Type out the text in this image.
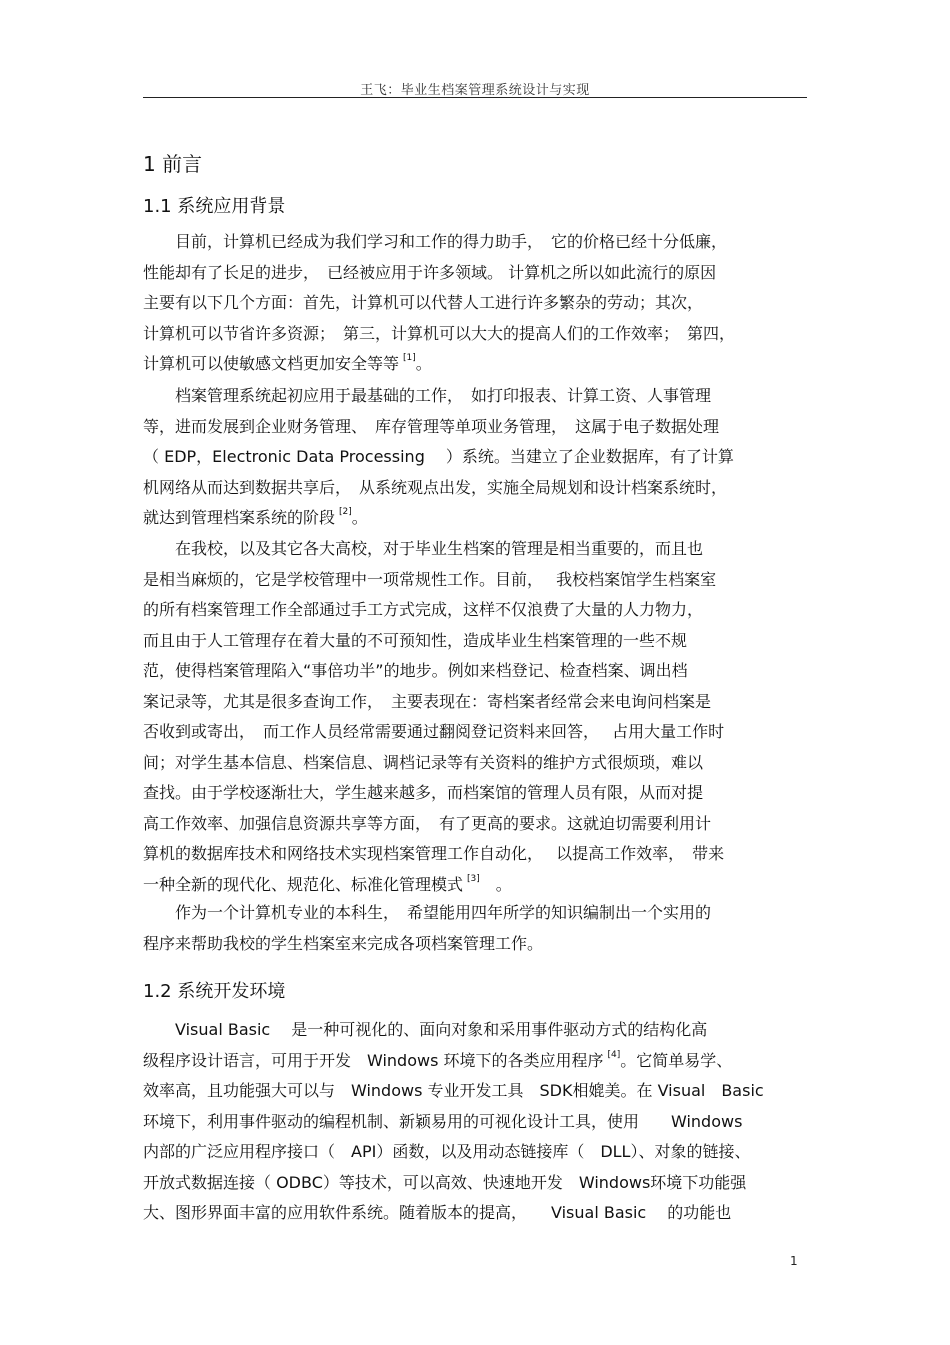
王飞：毕业生档案管理系统设计与实现
1 前言
1.1 系统应用背景
　　目前，计算机已经成为我们学习和工作的得力助手，　它的价格已经十分低廉，
性能却有了长足的进步，　已经被应用于许多领域。 计算机之所以如此流行的原因
主要有以下几个方面：首先，计算机可以代替人工进行许多繁杂的劳动；其次，
计算机可以节省许多资源；　第三，计算机可以大大的提高人们的工作效率；　第四，
计算机可以使敏感文档更加安全等等 [1]。
　　档案管理系统起初应用于最基础的工作，　如打印报表、计算工资、人事管理
等，进而发展到企业财务管理、　库存管理等单项业务管理，　这属于电子数据处理
（ EDP，Electronic Data Processing　 ）系统。当建立了企业数据库，有了计算
机网络从而达到数据共享后，　从系统观点出发，实施全局规划和设计档案系统时，
就达到管理档案系统的阶段 [2]。
　　在我校，以及其它各大高校，对于毕业生档案的管理是相当重要的，而且也
是相当麻烦的，它是学校管理中一项常规性工作。目前，　 我校档案馆学生档案室
的所有档案管理工作全部通过手工方式完成，这样不仅浪费了大量的人力物力，
而且由于人工管理存在着大量的不可预知性，造成毕业生档案管理的一些不规
范，使得档案管理陷入“事倍功半”的地步。例如来档登记、检查档案、调出档
案记录等，尤其是很多查询工作，　主要表现在：寄档案者经常会来电询问档案是
否收到或寄出，　而工作人员经常需要通过翻阅登记资料来回答，　 占用大量工作时
间；对学生基本信息、档案信息、调档记录等有关资料的维护方式很烦琐，难以
查找。由于学校逐渐壮大，学生越来越多，而档案馆的管理人员有限，从而对提
高工作效率、加强信息资源共享等方面，　有了更高的要求。这就迫切需要利用计
算机的数据库技术和网络技术实现档案管理工作自动化，　 以提高工作效率，　带来
一种全新的现代化、规范化、标准化管理模式 [3]　。
　　作为一个计算机专业的本科生，　希望能用四年所学的知识编制出一个实用的
程序来帮助我校的学生档案室来完成各项档案管理工作。
1.2 系统开发环境
　　Visual Basic　 是一种可视化的、面向对象和采用事件驱动方式的结构化高
级程序设计语言，可用于开发　Windows 环境下的各类应用程序 [4]。它简单易学、
效率高，且功能强大可以与　Windows 专业开发工具　SDK相媲美。在 Visual　Basic
环境下，利用事件驱动的编程机制、新颖易用的可视化设计工具，使用　　Windows
内部的广泛应用程序接口（　API）函数，以及用动态链接库（　DLL）、对象的链接、
开放式数据连接（ ODBC）等技术，可以高效、快速地开发　Windows环境下功能强
大、图形界面丰富的应用软件系统。随着版本的提高，　　Visual Basic　 的功能也
1
